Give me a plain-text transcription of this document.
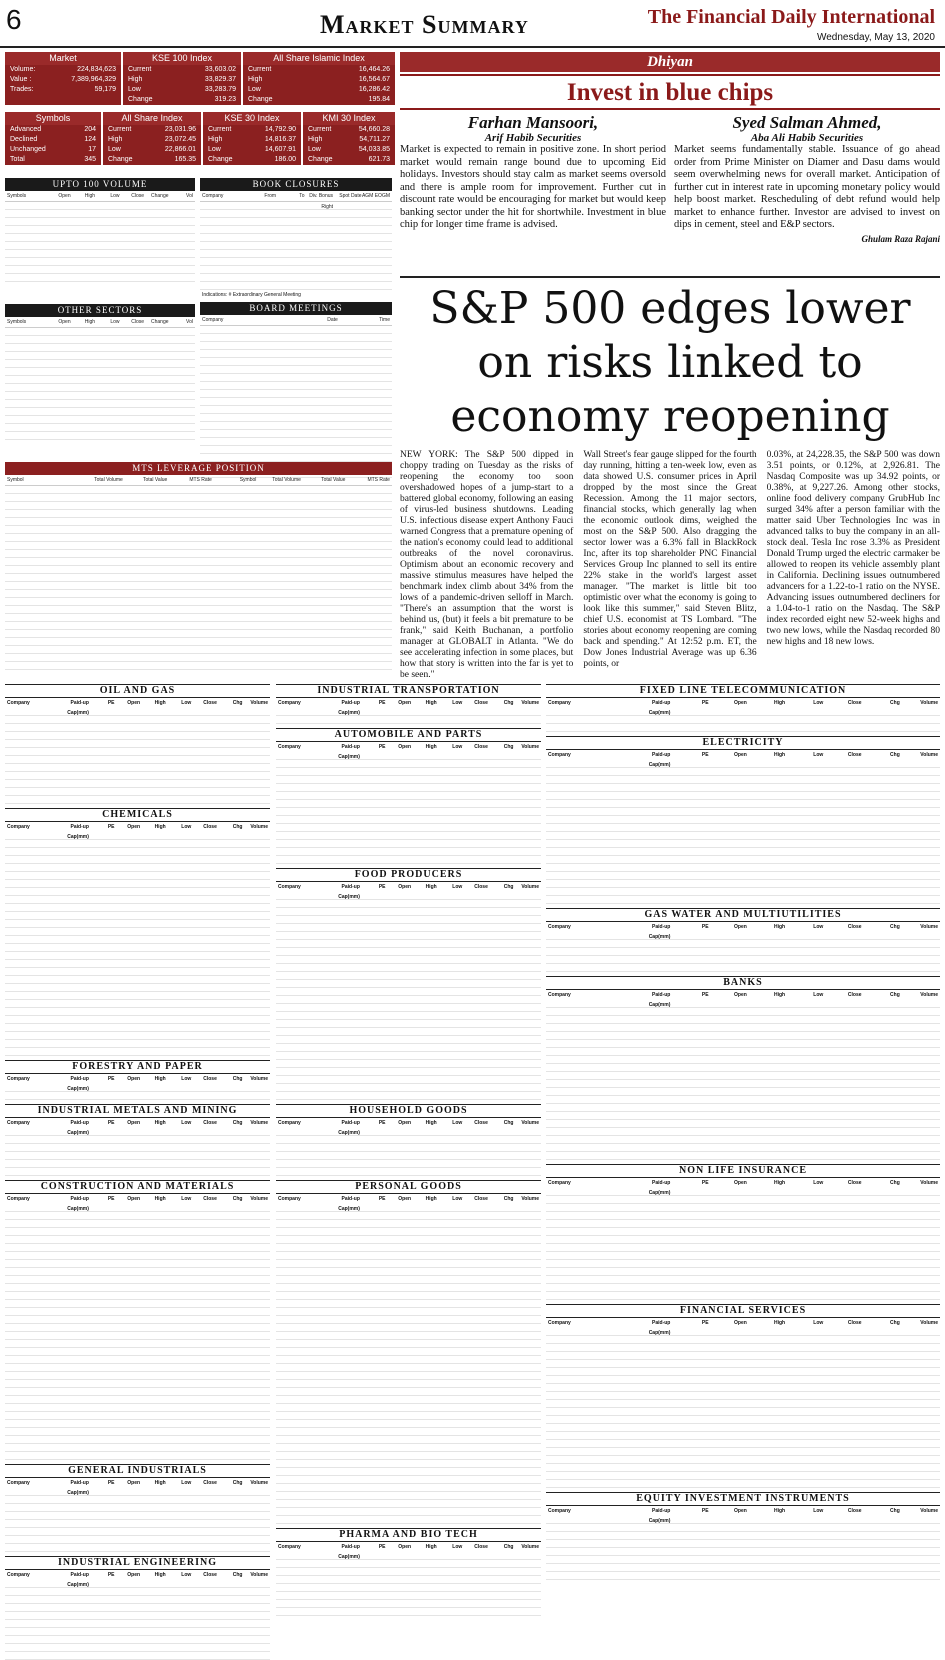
6	Market Summary	The Financial Daily International
Wednesday, May 13, 2020
Market
Volume:	224,834,623
Value :	7,389,964,329
Trades:	59,179
KSE 100 Index
Current	33,603.02
High	33,829.37
Low	33,283.79
Change	319.23
All Share Islamic Index
Current	16,464.26
High	16,564.67
Low	16,286.42
Change	195.84
Symbols
Advanced	204
Declined	124
Unchanged	17
Total	345
All Share Index
Current	23,031.96
High	23,072.45
Low	22,866.01
Change	165.35
KSE 30 Index
Current	14,792.90
High	14,816.37
Low	14,607.91
Change	186.00
KMI 30 Index
Current	54,660.28
High	54,711.27
Low	54,033.85
Change	621.73
UPTO 100 VOLUME
Symbols	Open	High	Low	Close	Change	Vol
OTHER SECTORS
Symbols	Open	High	Low	Close	Change	Vol
BOOK CLOSURES
Company	From	To Div. Bonus Right
Spot Date AGM EOGM
Indications: # Extraordinary General Meeting
BOARD MEETINGS
Company	Date	Time
MTS LEVERAGE POSITION
Symbol	Total Volume	Total Value	MTS Rate	Symbol	Total Volume	Total Value	MTS Rate
Dhiyan
Invest in blue chips
Farhan Mansoori,
Arif Habib Securities
Market is expected to remain in positive zone. In short period market would remain range bound due to upcoming Eid holidays. Investors should stay calm as market seems oversold and there is ample room for improvement. Further cut in discount rate would be encouraging for market but would keep banking sector under the hit for shortwhile. Investment in blue chip for longer time frame is advised.
Syed Salman Ahmed,
Aba Ali Habib Securities
Market seems fundamentally stable. Issuance of go ahead order from Prime Minister on Diamer and Dasu dams would seem overwhelming news for overall market. Anticipation of further cut in interest rate in upcoming monetary policy would help boost market. Rescheduling of debt refund would help market to enhance further. Investor are advised to invest on dips in cement, steel and E&P sectors.
Ghulam Raza Rajani
S&P 500 edges lower
on risks linked to
economy reopening
NEW YORK: The S&P 500 dipped in choppy trading on Tuesday as the risks of reopening the economy too soon overshadowed hopes of a jump-start to a battered global economy, following an easing of virus-led business shutdowns. Leading U.S. infectious disease expert Anthony Fauci warned Congress that a premature opening of the nation's economy could lead to additional outbreaks of the novel coronavirus. Optimism about an economic recovery and massive stimulus measures have helped the benchmark index climb about 34% from the lows of a pandemic-driven selloff in March. "There's an assumption that the worst is behind us, (but) it feels a bit premature to be frank," said Keith Buchanan, a portfolio manager at GLOBALT in Atlanta. "We do see accelerating infection in some places, but how that story is written into the far is yet to be seen."
Wall Street's fear gauge slipped for the fourth day running, hitting a ten-week low, even as data showed U.S. consumer prices in April dropped by the most since the Great Recession. Among the 11 major sectors, financial stocks, which generally lag when the economic outlook dims, weighed the most on the S&P 500. Also dragging the sector lower was a 6.3% fall in BlackRock Inc, after its top shareholder PNC Financial Services Group Inc planned to sell its entire 22% stake in the world's largest asset manager. "The market is little bit too optimistic over what the economy is going to look like this summer," said Steven Blitz, chief U.S. economist at TS Lombard. "The stories about economy reopening are coming back and spending." At 12:52 p.m. ET, the Dow Jones Industrial Average was up 6.36 points, or
0.03%, at 24,228.35, the S&P 500 was down 3.51 points, or 0.12%, at 2,926.81. The Nasdaq Composite was up 34.92 points, or 0.38%, at 9,227.26. Among other stocks, online food delivery company GrubHub Inc surged 34% after a person familiar with the matter said Uber Technologies Inc was in advanced talks to buy the company in an all-stock deal. Tesla Inc rose 3.3% as President Donald Trump urged the electric carmaker be allowed to reopen its vehicle assembly plant in California. Declining issues outnumbered advancers for a 1.22-to-1 ratio on the NYSE. Advancing issues outnumbered decliners for a 1.04-to-1 ratio on the Nasdaq. The S&P index recorded eight new 52-week highs and two new lows, while the Nasdaq recorded 80 new highs and 18 new lows.
OIL AND GAS
Company	Paid-up Cap(mm)
PE	Open	High	Low	Close	Chg	Volume
CHEMICALS
Company	Paid-up Cap(mm)
PE	Open	High	Low	Close	Chg	Volume
FORESTRY AND PAPER
Company	Paid-up Cap(mm)
PE	Open	High	Low	Close	Chg	Volume
INDUSTRIAL METALS AND MINING
Company	Paid-up Cap(mm)
PE	Open	High	Low	Close	Chg	Volume
CONSTRUCTION AND MATERIALS
Company	Paid-up Cap(mm)
PE	Open	High	Low	Close	Chg	Volume
GENERAL INDUSTRIALS
Company	Paid-up Cap(mm)
PE	Open	High	Low	Close	Chg	Volume
INDUSTRIAL ENGINEERING
Company	Paid-up Cap(mm)
PE	Open	High	Low	Close	Chg	Volume
INDUSTRIAL TRANSPORTATION
Company	Paid-up Cap(mm)
PE	Open	High	Low	Close	Chg	Volume
AUTOMOBILE AND PARTS
Company	Paid-up Cap(mm)
PE	Open	High	Low	Close	Chg	Volume
FOOD PRODUCERS
Company	Paid-up Cap(mm)
PE	Open	High	Low	Close	Chg	Volume
HOUSEHOLD GOODS
Company	Paid-up Cap(mm)
PE	Open	High	Low	Close	Chg	Volume
PERSONAL GOODS
Company	Paid-up Cap(mm)
PE	Open	High	Low	Close	Chg	Volume
PHARMA AND BIO TECH
Company	Paid-up Cap(mm)
PE	Open	High	Low	Close	Chg	Volume
FIXED LINE TELECOMMUNICATION
Company	Paid-up Cap(mm)
PE	Open	High	Low	Close	Chg	Volume
ELECTRICITY
Company	Paid-up Cap(mm)
PE	Open	High	Low	Close	Chg	Volume
GAS WATER AND MULTIUTILITIES
Company	Paid-up Cap(mm)
PE	Open	High	Low	Close	Chg	Volume
BANKS
Company	Paid-up Cap(mm)
PE	Open	High	Low	Close	Chg	Volume
NON LIFE INSURANCE
Company	Paid-up Cap(mm)
PE	Open	High	Low	Close	Chg	Volume
FINANCIAL SERVICES
Company	Paid-up Cap(mm)
PE	Open	High	Low	Close	Chg	Volume
EQUITY INVESTMENT INSTRUMENTS
Company	Paid-up Cap(mm)
PE	Open	High	Low	Close	Chg	Volume
